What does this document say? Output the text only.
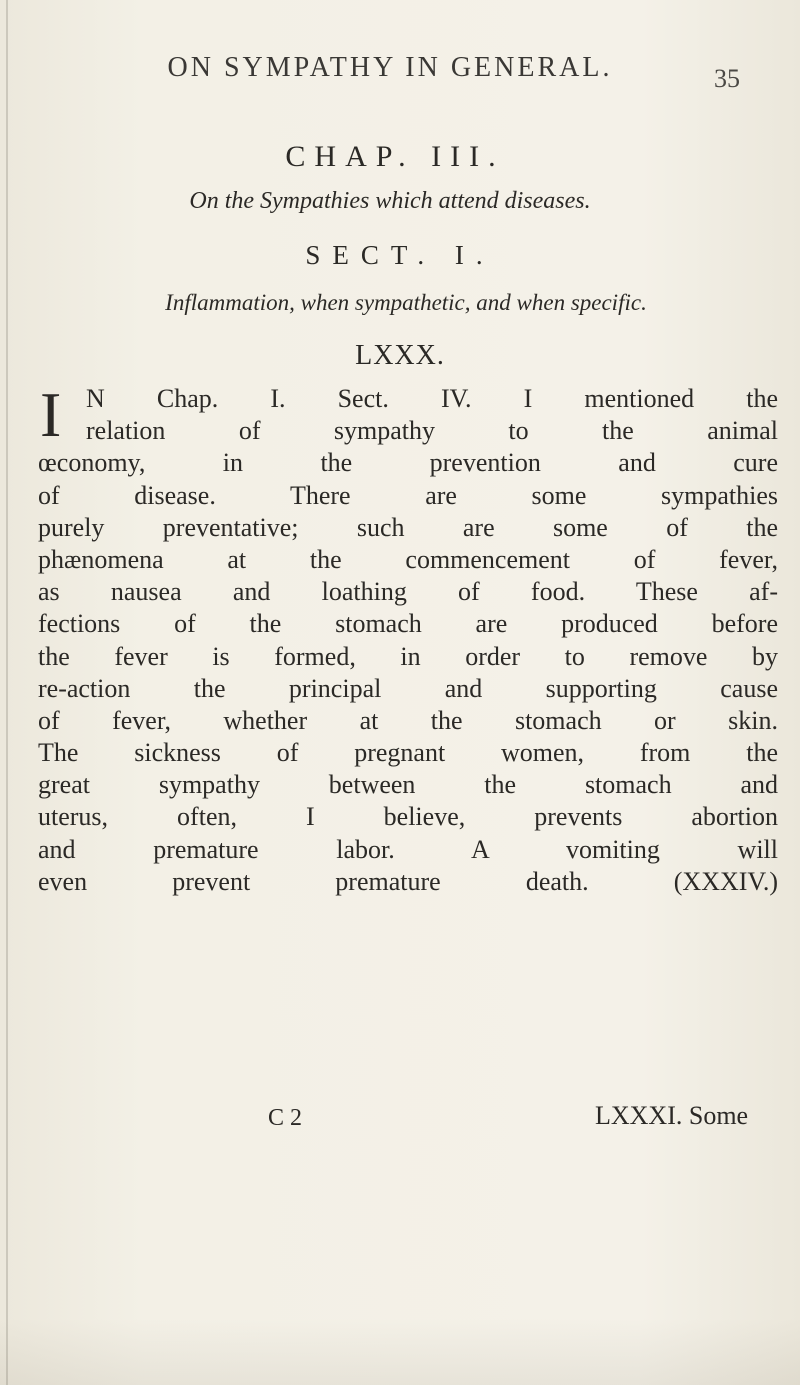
ON SYMPATHY IN GENERAL.	35
CHAP. III.
On the Sympathies which attend diseases.
SECT. I.
Inflammation, when sympathetic, and when specific.
LXXX.
I N Chap. I. Sect. IV. I mentioned the
relation of sympathy to the animal
œconomy, in the prevention and cure
of disease. There are some sympathies
purely preventative; such are some of the
phænomena at the commencement of fever,
as nausea and loathing of food. These af-
fections of the stomach are produced before
the fever is formed, in order to remove by
re-action the principal and supporting cause
of fever, whether at the stomach or skin.
The sickness of pregnant women, from the
great sympathy between the stomach and
uterus, often, I believe, prevents abortion
and premature labor. A vomiting will
even prevent premature death. (XXXIV.)
C 2	LXXXI. Some
